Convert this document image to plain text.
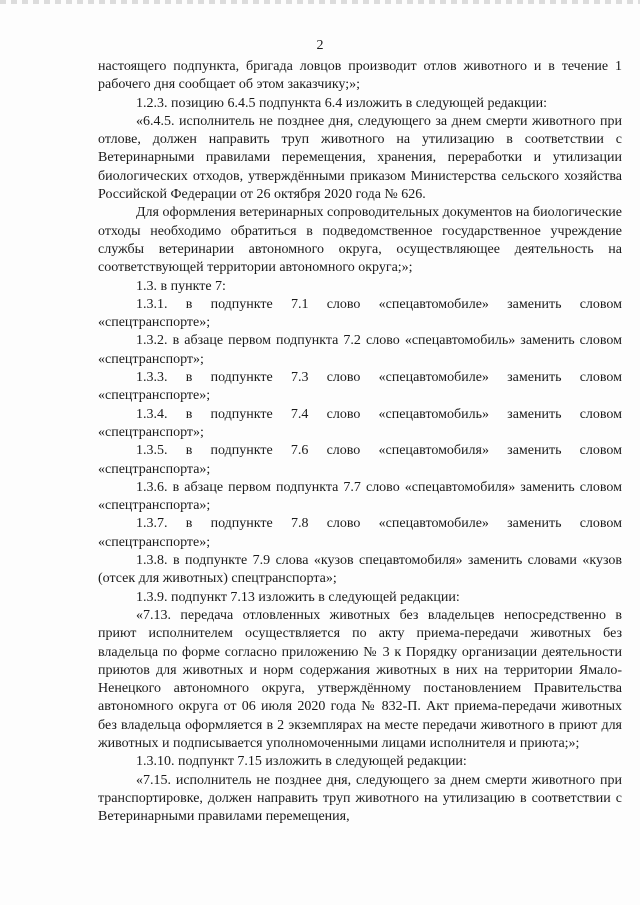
2

настоящего подпункта, бригада ловцов производит отлов животного и в течение 1 рабочего дня сообщает об этом заказчику;»;

1.2.3. позицию 6.4.5 подпункта 6.4 изложить в следующей редакции:

«6.4.5. исполнитель не позднее дня, следующего за днем смерти животного при отлове, должен направить труп животного на утилизацию в соответствии с Ветеринарными правилами перемещения, хранения, переработки и утилизации биологических отходов, утверждёнными приказом Министерства сельского хозяйства Российской Федерации от 26 октября 2020 года № 626.

Для оформления ветеринарных сопроводительных документов на биологические отходы необходимо обратиться в подведомственное государственное учреждение службы ветеринарии автономного округа, осуществляющее деятельность на соответствующей территории автономного округа;»;

1.3. в пункте 7:

1.3.1. в подпункте 7.1 слово «спецавтомобиле» заменить словом «спецтранспорте»;

1.3.2. в абзаце первом подпункта 7.2 слово «спецавтомобиль» заменить словом «спецтранспорт»;

1.3.3. в подпункте 7.3 слово «спецавтомобиле» заменить словом «спецтранспорте»;

1.3.4. в подпункте 7.4 слово «спецавтомобиль» заменить словом «спецтранспорт»;

1.3.5. в подпункте 7.6 слово «спецавтомобиля» заменить словом «спецтранспорта»;

1.3.6. в абзаце первом подпункта 7.7 слово «спецавтомобиля» заменить словом «спецтранспорта»;

1.3.7. в подпункте 7.8 слово «спецавтомобиле» заменить словом «спецтранспорте»;

1.3.8. в подпункте 7.9 слова «кузов спецавтомобиля» заменить словами «кузов (отсек для животных) спецтранспорта»;

1.3.9. подпункт 7.13 изложить в следующей редакции:

«7.13. передача отловленных животных без владельцев непосредственно в приют исполнителем осуществляется по акту приема-передачи животных без владельца по форме согласно приложению № 3 к Порядку организации деятельности приютов для животных и норм содержания животных в них на территории Ямало-Ненецкого автономного округа, утверждённому постановлением Правительства автономного округа от 06 июля 2020 года № 832-П. Акт приема-передачи животных без владельца оформляется в 2 экземплярах на месте передачи животного в приют для животных и подписывается уполномоченными лицами исполнителя и приюта;»;

1.3.10. подпункт 7.15 изложить в следующей редакции:

«7.15. исполнитель не позднее дня, следующего за днем смерти животного при транспортировке, должен направить труп животного на утилизацию в соответствии с Ветеринарными правилами перемещения,
